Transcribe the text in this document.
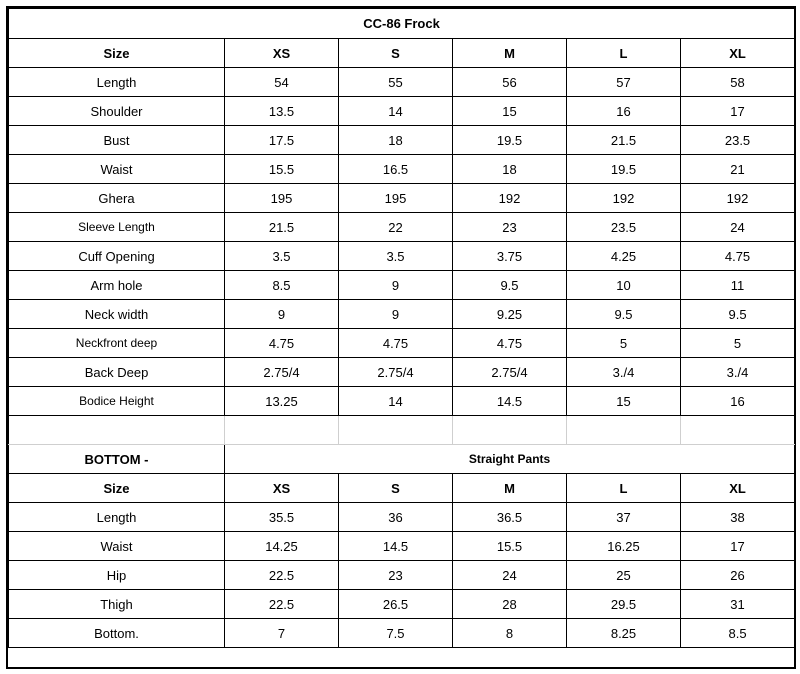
CC-86 Frock					
Size	XS	S	M	L	XL
Length	54	55	56	57	58
Shoulder	13.5	14	15	16	17
Bust	17.5	18	19.5	21.5	23.5
Waist	15.5	16.5	18	19.5	21
Ghera	195	195	192	192	192
Sleeve Length	21.5	22	23	23.5	24
Cuff Opening	3.5	3.5	3.75	4.25	4.75
Arm hole	8.5	9	9.5	10	11
Neck width	9	9	9.25	9.5	9.5
Neckfront deep	4.75	4.75	4.75	5	5
Back Deep	2.75/4	2.75/4	2.75/4	3./4	3./4
Bodice Height	13.25	14	14.5	15	16

BOTTOM -	Straight Pants				
Size	XS	S	M	L	XL
Length	35.5	36	36.5	37	38
Waist	14.25	14.5	15.5	16.25	17
Hip	22.5	23	24	25	26
Thigh	22.5	26.5	28	29.5	31
Bottom.	7	7.5	8	8.25	8.5
